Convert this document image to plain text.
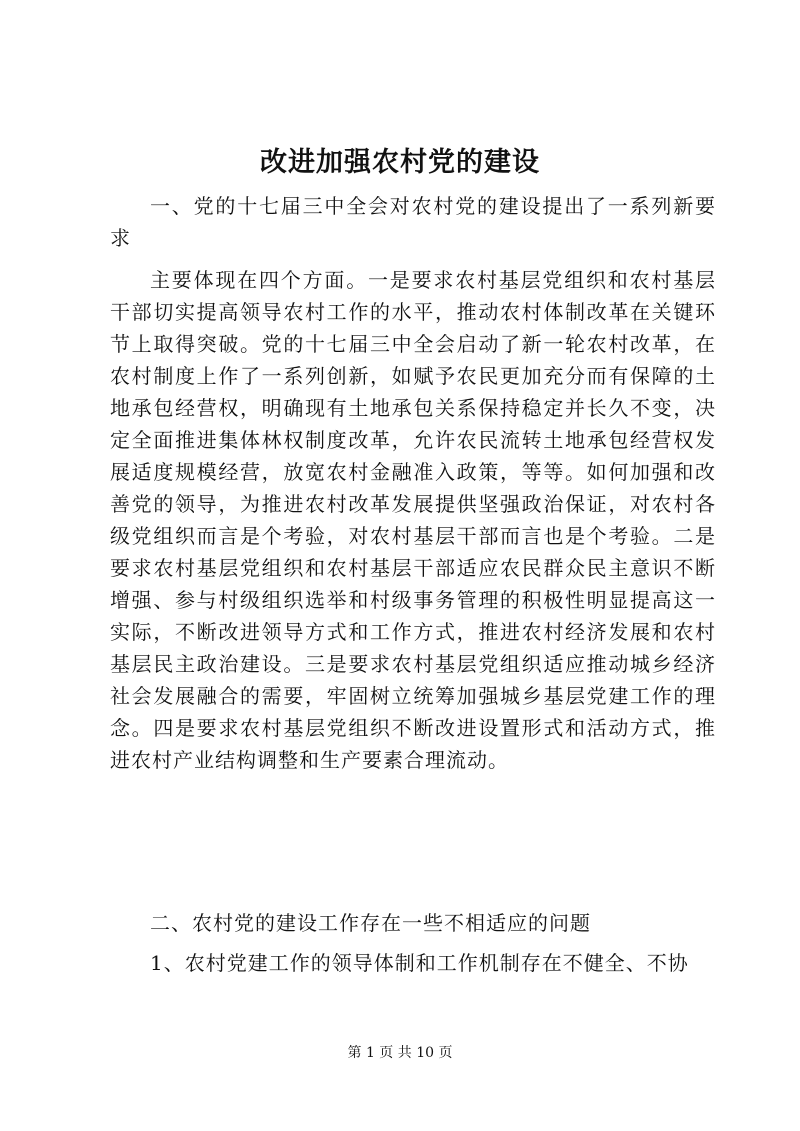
改进加强农村党的建设

一、党的十七届三中全会对农村党的建设提出了一系列新要求

主要体现在四个方面。一是要求农村基层党组织和农村基层干部切实提高领导农村工作的水平，推动农村体制改革在关键环节上取得突破。党的十七届三中全会启动了新一轮农村改革，在农村制度上作了一系列创新，如赋予农民更加充分而有保障的土地承包经营权，明确现有土地承包关系保持稳定并长久不变，决定全面推进集体林权制度改革，允许农民流转土地承包经营权发展适度规模经营，放宽农村金融准入政策，等等。如何加强和改善党的领导，为推进农村改革发展提供坚强政治保证，对农村各级党组织而言是个考验，对农村基层干部而言也是个考验。二是要求农村基层党组织和农村基层干部适应农民群众民主意识不断增强、参与村级组织选举和村级事务管理的积极性明显提高这一实际，不断改进领导方式和工作方式，推进农村经济发展和农村基层民主政治建设。三是要求农村基层党组织适应推动城乡经济社会发展融合的需要，牢固树立统筹加强城乡基层党建工作的理念。四是要求农村基层党组织不断改进设置形式和活动方式，推进农村产业结构调整和生产要素合理流动。

二、农村党的建设工作存在一些不相适应的问题

1、农村党建工作的领导体制和工作机制存在不健全、不协

第 1 页 共 10 页
